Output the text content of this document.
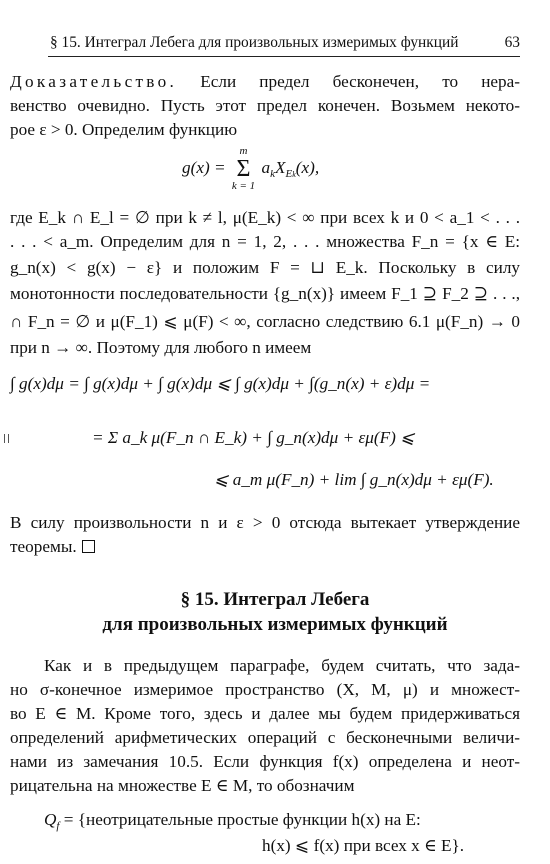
§ 15. Интеграл Лебега для произвольных измеримых функций	63
Доказательство. Если предел бесконечен, то нера-
венство очевидно. Пусть этот предел конечен. Возьмем некото-
рое ε > 0. Определим функцию
g(x) =
m
Σ
k = 1
$a_kX_{Ek}(x)$,
где E_k ∩ E_l = ∅ при k ≠ l, μ(E_k) < ∞ при всех k и 0 < a_1 < . . .
. . . < a_m. Определим для n = 1, 2, . . . множества F_n = {x ∈ E:
g_n(x) < g(x) − ε} и положим F = ⊔ E_k. Поскольку в силу
монотонности последовательности {g_n(x)} имеем F_1 ⊇ F_2 ⊇ . . .,
∩ F_n = ∅ и μ(F_1) ⩽ μ(F) < ∞, согласно следствию 6.1 μ(F_n) → 0
при n → ∞. Поэтому для любого n имеем
∫ g(x)dμ = ∫ g(x)dμ + ∫ g(x)dμ ⩽ ∫ g(x)dμ + ∫(g_n(x) + ε)dμ =
= Σ a_k μ(F_n ∩ E_k) + ∫ g_n(x)dμ + εμ(F) ⩽
⩽ a_m μ(F_n) + lim ∫ g_n(x)dμ + εμ(F).
В силу произвольности n и ε > 0 отсюда вытекает утверждение
теоремы.
§ 15. Интеграл Лебега
для произвольных измеримых функций
Как и в предыдущем параграфе, будем считать, что зада-
но σ-конечное измеримое пространство (X, M, μ) и множест-
во E ∈ M. Кроме того, здесь и далее мы будем придерживаться
определений арифметических операций с бесконечными величи-
нами из замечания 10.5. Если функция f(x) определена и неот-
рицательна на множестве E ∈ M, то обозначим
$Q_f$ = {неотрицательные простые функции h(x) на E:
h(x) ⩽ f(x) при всех x ∈ E}.
